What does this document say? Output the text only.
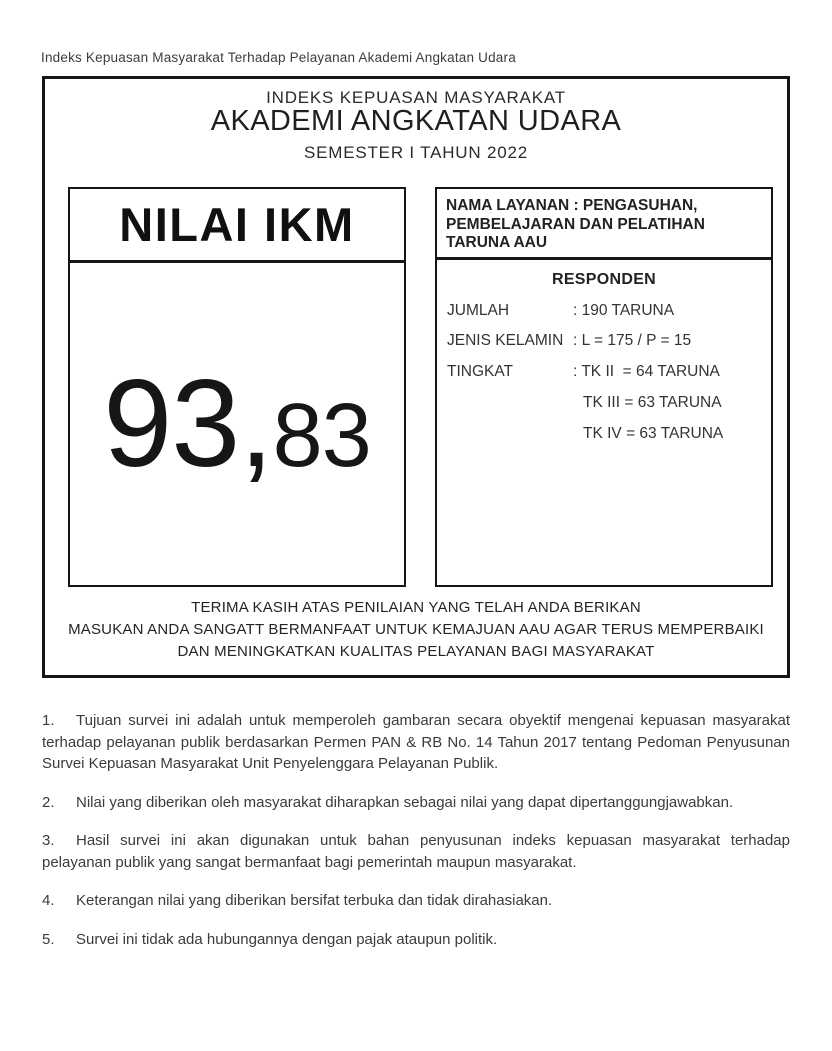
Indeks Kepuasan Masyarakat Terhadap Pelayanan Akademi Angkatan Udara
INDEKS KEPUASAN MASYARAKAT
AKADEMI ANGKATAN UDARA
SEMESTER I TAHUN 2022
NILAI IKM
93, 83
NAMA LAYANAN : PENGASUHAN, PEMBELAJARAN DAN PELATIHAN TARUNA AAU
RESPONDEN
JUMLAH	: 190 TARUNA
JENIS KELAMIN : L = 175 / P = 15
TINGKAT	: TK II  = 64 TARUNA
TK III = 63 TARUNA
TK IV = 63 TARUNA
TERIMA KASIH ATAS PENILAIAN YANG TELAH ANDA BERIKAN
MASUKAN ANDA SANGATT BERMANFAAT UNTUK KEMAJUAN AAU AGAR TERUS MEMPERBAIKI
DAN MENINGKATKAN KUALITAS PELAYANAN BAGI MASYARAKAT

1. Tujuan survei ini adalah untuk memperoleh gambaran secara obyektif mengenai kepuasan masyarakat terhadap pelayanan publik berdasarkan Permen PAN & RB No. 14 Tahun 2017 tentang Pedoman Penyusunan Survei Kepuasan Masyarakat Unit Penyelenggara Pelayanan Publik.

2. Nilai yang diberikan oleh masyarakat diharapkan sebagai nilai yang dapat dipertanggungjawabkan.

3. Hasil survei ini akan digunakan untuk bahan penyusunan indeks kepuasan masyarakat terhadap pelayanan publik yang sangat bermanfaat bagi pemerintah maupun masyarakat.

4. Keterangan nilai yang diberikan bersifat terbuka dan tidak dirahasiakan.

5. Survei ini tidak ada hubungannya dengan pajak ataupun politik.
